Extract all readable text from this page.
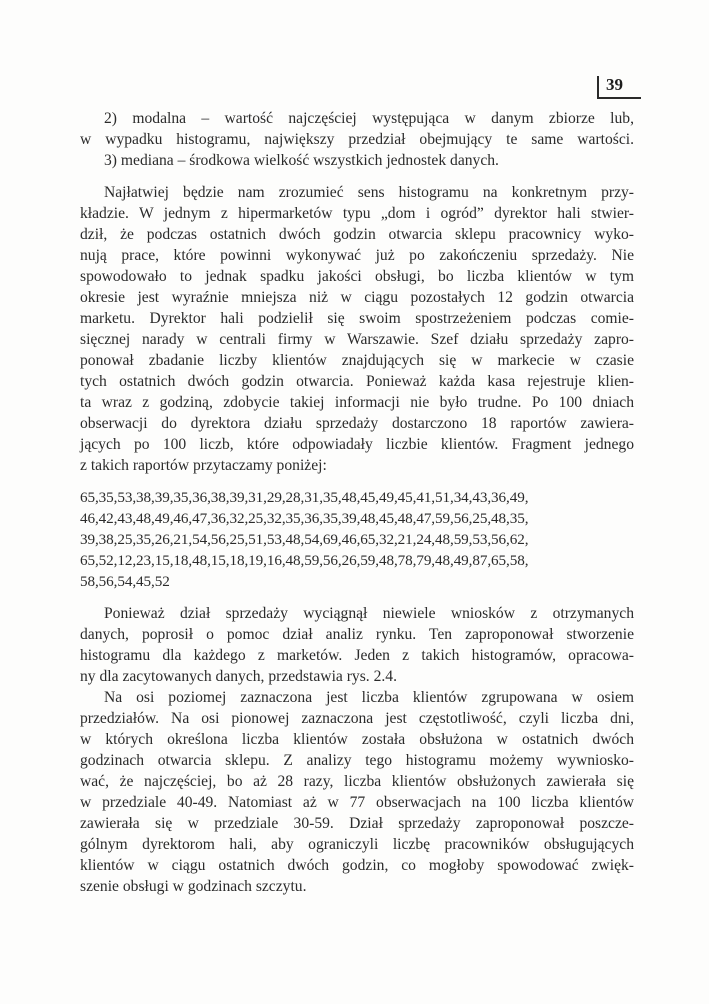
39
2) modalna – wartość najczęściej występująca w danym zbiorze lub,
w wypadku histogramu, największy przedział obejmujący te same wartości.
3) mediana – środkowa wielkość wszystkich jednostek danych.
Najłatwiej będzie nam zrozumieć sens histogramu na konkretnym przy-
kładzie. W jednym z hipermarketów typu „dom i ogród” dyrektor hali stwier-
dził, że podczas ostatnich dwóch godzin otwarcia sklepu pracownicy wyko-
nują prace, które powinni wykonywać już po zakończeniu sprzedaży. Nie
spowodowało to jednak spadku jakości obsługi, bo liczba klientów w tym
okresie jest wyraźnie mniejsza niż w ciągu pozostałych 12 godzin otwarcia
marketu. Dyrektor hali podzielił się swoim spostrzeżeniem podczas comie-
sięcznej narady w centrali firmy w Warszawie. Szef działu sprzedaży zapro-
ponował zbadanie liczby klientów znajdujących się w markecie w czasie
tych ostatnich dwóch godzin otwarcia. Ponieważ każda kasa rejestruje klien-
ta wraz z godziną, zdobycie takiej informacji nie było trudne. Po 100 dniach
obserwacji do dyrektora działu sprzedaży dostarczono 18 raportów zawiera-
jących po 100 liczb, które odpowiadały liczbie klientów. Fragment jednego
z takich raportów przytaczamy poniżej:
65,35,53,38,39,35,36,38,39,31,29,28,31,35,48,45,49,45,41,51,34,43,36,49,
46,42,43,48,49,46,47,36,32,25,32,35,36,35,39,48,45,48,47,59,56,25,48,35,
39,38,25,35,26,21,54,56,25,51,53,48,54,69,46,65,32,21,24,48,59,53,56,62,
65,52,12,23,15,18,48,15,18,19,16,48,59,56,26,59,48,78,79,48,49,87,65,58,
58,56,54,45,52
Ponieważ dział sprzedaży wyciągnął niewiele wniosków z otrzymanych
danych, poprosił o pomoc dział analiz rynku. Ten zaproponował stworzenie
histogramu dla każdego z marketów. Jeden z takich histogramów, opracowa-
ny dla zacytowanych danych, przedstawia rys. 2.4.
Na osi poziomej zaznaczona jest liczba klientów zgrupowana w osiem
przedziałów. Na osi pionowej zaznaczona jest częstotliwość, czyli liczba dni,
w których określona liczba klientów została obsłużona w ostatnich dwóch
godzinach otwarcia sklepu. Z analizy tego histogramu możemy wywniosko-
wać, że najczęściej, bo aż 28 razy, liczba klientów obsłużonych zawierała się
w przedziale 40-49. Natomiast aż w 77 obserwacjach na 100 liczba klientów
zawierała się w przedziale 30-59. Dział sprzedaży zaproponował poszcze-
gólnym dyrektorom hali, aby ograniczyli liczbę pracowników obsługujących
klientów w ciągu ostatnich dwóch godzin, co mogłoby spowodować zwięk-
szenie obsługi w godzinach szczytu.
